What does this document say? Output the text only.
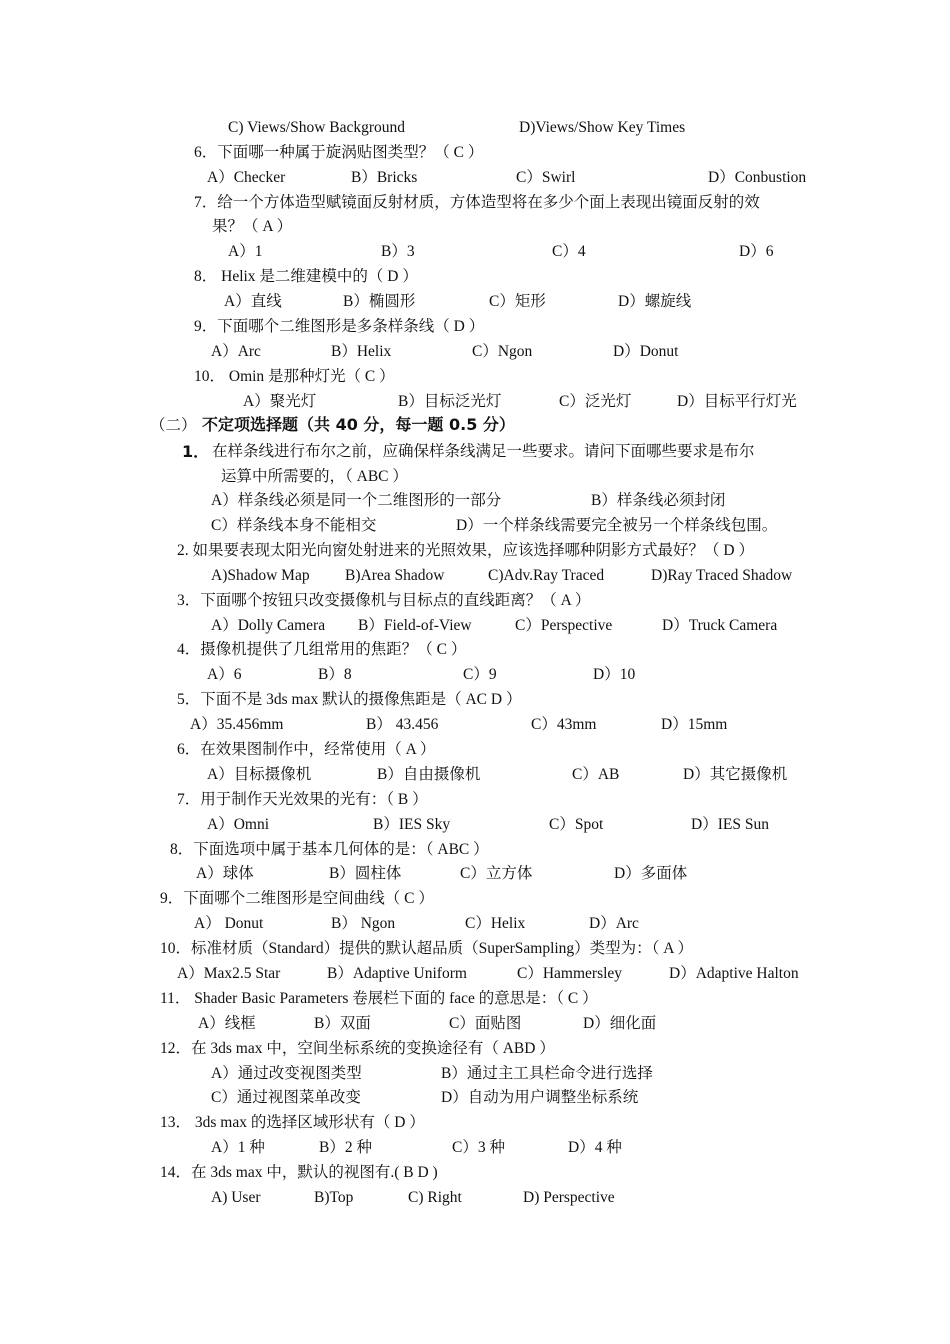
C) Views/Show Background	D)Views/Show Key Times
6．下面哪一种属于旋涡贴图类型？（ C ）
A）Checker	B）Bricks	C）Swirl	D）Conbustion
7．给一个方体造型赋镜面反射材质，方体造型将在多少个面上表现出镜面反射的效
果？（ A ）
A）1	B）3	C）4	D）6
8． Helix 是二维建模中的（ D ）
A）直线	B）椭圆形	C）矩形	D）螺旋线
9．下面哪个二维图形是多条样条线（ D ）
A）Arc	B）Helix	C）Ngon	D）Donut
10． Omin 是那种灯光（ C ）
A）聚光灯	B）目标泛光灯	C）泛光灯	D）目标平行灯光
（二） 不定项选择题（共 40 分，每一题 0.5 分）
1． 在样条线进行布尔之前，应确保样条线满足一些要求。请问下面哪些要求是布尔
运算中所需要的，（ ABC ）
A）样条线必须是同一个二维图形的一部分	B）样条线必须封闭
C）样条线本身不能相交	D）一个样条线需要完全被另一个样条线包围。
2. 如果要表现太阳光向窗处射进来的光照效果，应该选择哪种阴影方式最好？（ D ）
A)Shadow Map B)Area Shadow	C)Adv.Ray Traced	D)Ray Traced Shadow
3．下面哪个按钮只改变摄像机与目标点的直线距离？（ A ）
A）Dolly Camera B）Field-of-View	C）Perspective	D）Truck Camera
4．摄像机提供了几组常用的焦距？（ C ）
A）6	B）8	C）9	D）10
5．下面不是 3ds max 默认的摄像焦距是（ AC D ）
A）35.456mm	B） 43.456	C）43mm	D）15mm
6．在效果图制作中，经常使用（ A ）
A）目标摄像机	B）自由摄像机	C）AB	D）其它摄像机
7．用于制作天光效果的光有：（ B ）
A）Omni	B）IES Sky	C）Spot	D）IES Sun
8．下面选项中属于基本几何体的是：（ ABC ）
A）球体	B）圆柱体	C）立方体	D）多面体
9．下面哪个二维图形是空间曲线（ C ）
A） Donut	B） Ngon	C）Helix	D）Arc
10．标准材质（Standard）提供的默认超品质（SuperSampling）类型为：（ A ）
A）Max2.5 Star	B）Adaptive Uniform	C）Hammersley	D）Adaptive Halton
11． Shader Basic Parameters 卷展栏下面的 face 的意思是：（ C ）
A）线框	B）双面	C）面贴图	D）细化面
12．在 3ds max 中，空间坐标系统的变换途径有（ ABD ）
A）通过改变视图类型	B）通过主工具栏命令进行选择
C）通过视图菜单改变	D）自动为用户调整坐标系统
13． 3ds max 的选择区域形状有（ D ）
A）1 种	B）2 种	C）3 种	D）4 种
14．在 3ds max 中，默认的视图有.( B D )
A) User	B)Top	C) Right	D) Perspective
